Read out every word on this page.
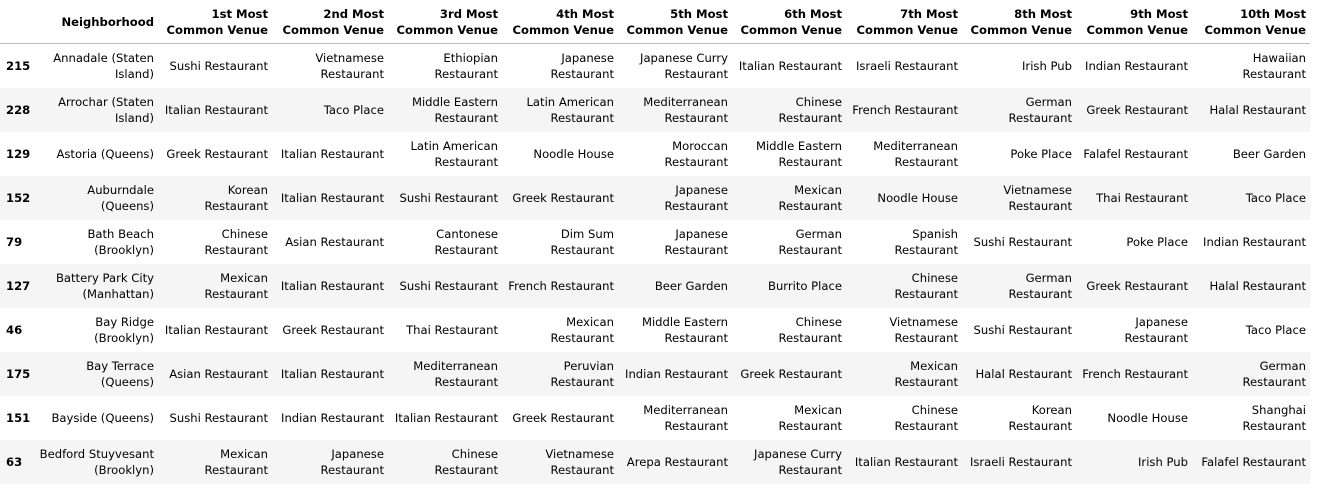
	Neighborhood	1st Most Common Venue	2nd Most Common Venue	3rd Most Common Venue	4th Most Common Venue	5th Most Common Venue	6th Most Common Venue	7th Most Common Venue	8th Most Common Venue	9th Most Common Venue	10th Most Common Venue
215	Annadale (Staten Island)	Sushi Restaurant	Vietnamese Restaurant	Ethiopian Restaurant	Japanese Restaurant	Japanese Curry Restaurant	Italian Restaurant	Israeli Restaurant	Irish Pub	Indian Restaurant	Hawaiian Restaurant
228	Arrochar (Staten Island)	Italian Restaurant	Taco Place	Middle Eastern Restaurant	Latin American Restaurant	Mediterranean Restaurant	Chinese Restaurant	French Restaurant	German Restaurant	Greek Restaurant	Halal Restaurant
129	Astoria (Queens)	Greek Restaurant	Italian Restaurant	Latin American Restaurant	Noodle House	Moroccan Restaurant	Middle Eastern Restaurant	Mediterranean Restaurant	Poke Place	Falafel Restaurant	Beer Garden
152	Auburndale (Queens)	Korean Restaurant	Italian Restaurant	Sushi Restaurant	Greek Restaurant	Japanese Restaurant	Mexican Restaurant	Noodle House	Vietnamese Restaurant	Thai Restaurant	Taco Place
79	Bath Beach (Brooklyn)	Chinese Restaurant	Asian Restaurant	Cantonese Restaurant	Dim Sum Restaurant	Japanese Restaurant	German Restaurant	Spanish Restaurant	Sushi Restaurant	Poke Place	Indian Restaurant
127	Battery Park City (Manhattan)	Mexican Restaurant	Italian Restaurant	Sushi Restaurant	French Restaurant	Beer Garden	Burrito Place	Chinese Restaurant	German Restaurant	Greek Restaurant	Halal Restaurant
46	Bay Ridge (Brooklyn)	Italian Restaurant	Greek Restaurant	Thai Restaurant	Mexican Restaurant	Middle Eastern Restaurant	Chinese Restaurant	Vietnamese Restaurant	Sushi Restaurant	Japanese Restaurant	Taco Place
175	Bay Terrace (Queens)	Asian Restaurant	Italian Restaurant	Mediterranean Restaurant	Peruvian Restaurant	Indian Restaurant	Greek Restaurant	Mexican Restaurant	Halal Restaurant	French Restaurant	German Restaurant
151	Bayside (Queens)	Sushi Restaurant	Indian Restaurant	Italian Restaurant	Greek Restaurant	Mediterranean Restaurant	Mexican Restaurant	Chinese Restaurant	Korean Restaurant	Noodle House	Shanghai Restaurant
63	Bedford Stuyvesant (Brooklyn)	Mexican Restaurant	Japanese Restaurant	Chinese Restaurant	Vietnamese Restaurant	Arepa Restaurant	Japanese Curry Restaurant	Italian Restaurant	Israeli Restaurant	Irish Pub	Falafel Restaurant
